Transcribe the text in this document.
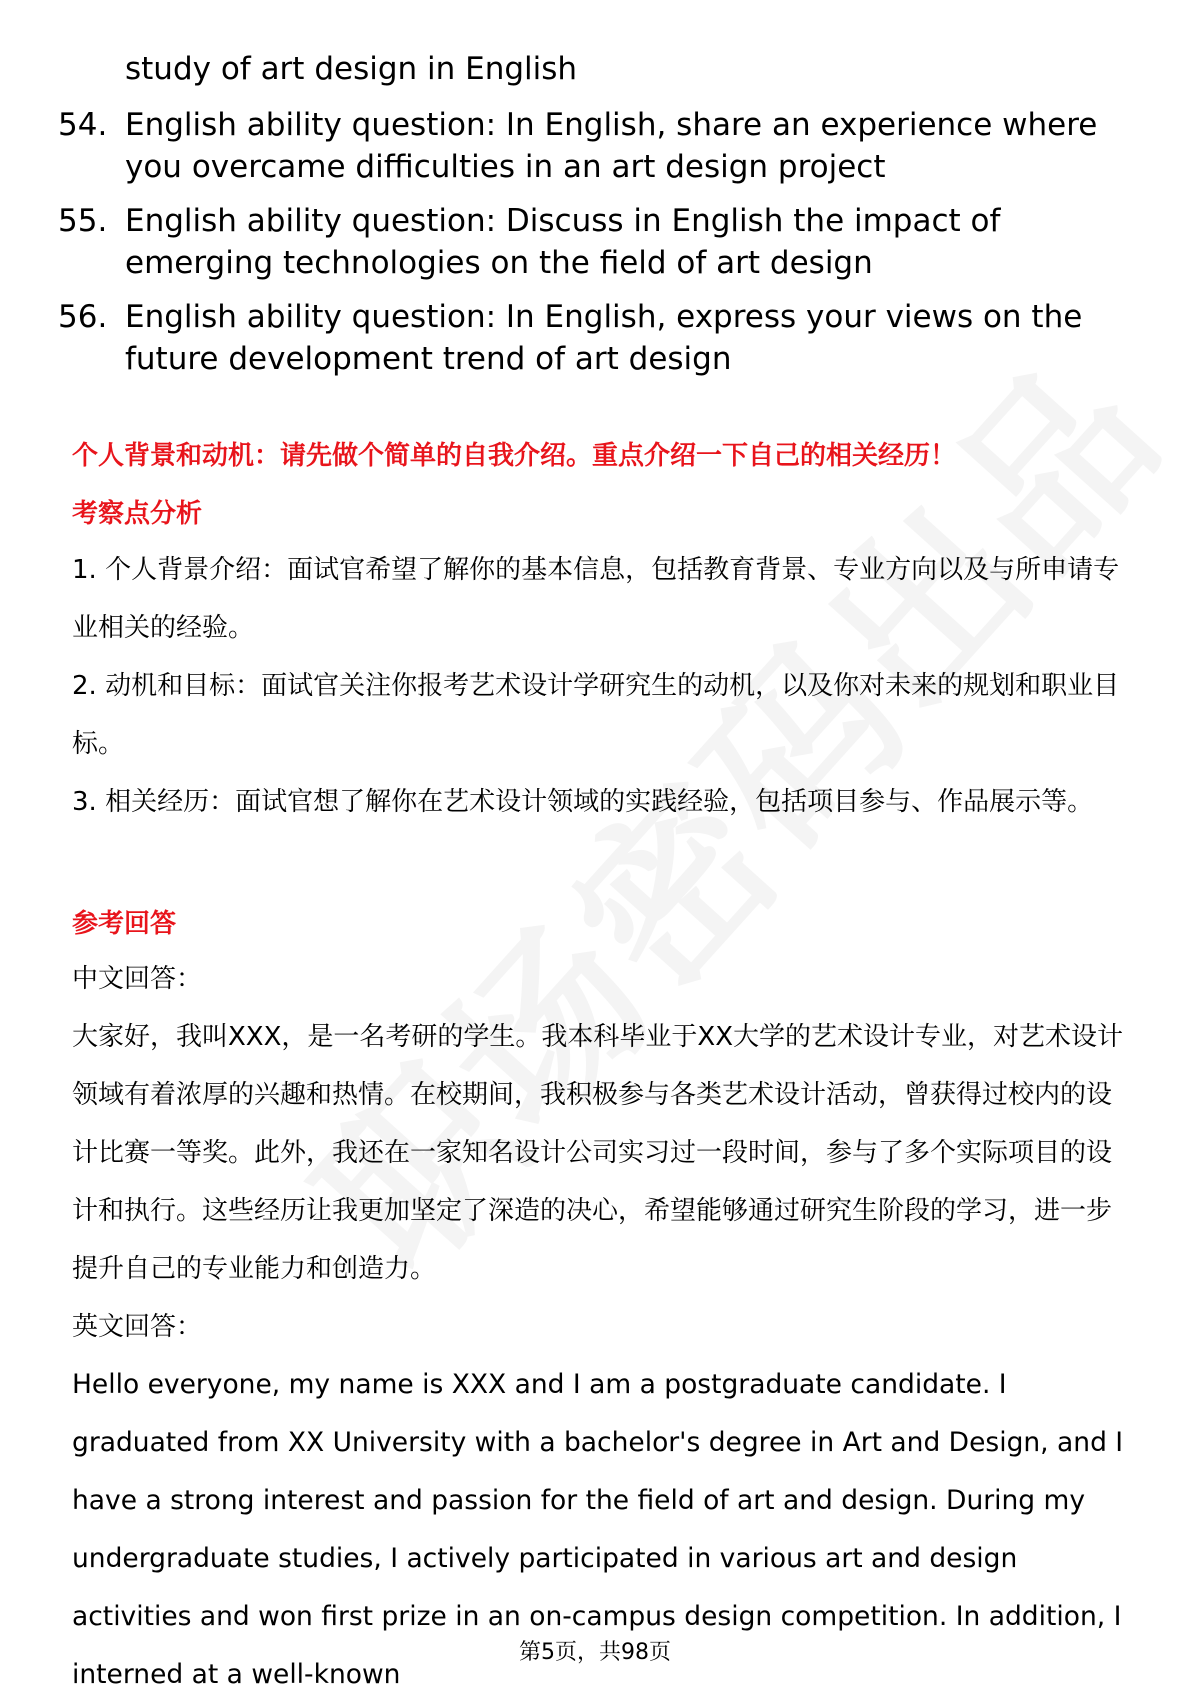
study of art design in English
54. English ability question: In English, share an experience where you overcame difficulties in an art design project
55. English ability question: Discuss in English the impact of emerging technologies on the field of art design
56. English ability question: In English, express your views on the future development trend of art design
个人背景和动机：请先做个简单的自我介绍。重点介绍一下自己的相关经历！
考察点分析
1. 个人背景介绍：面试官希望了解你的基本信息，包括教育背景、专业方向以及与所申请专业相关的经验。
2. 动机和目标：面试官关注你报考艺术设计学研究生的动机，以及你对未来的规划和职业目标。
3. 相关经历：面试官想了解你在艺术设计领域的实践经验，包括项目参与、作品展示等。
参考回答
中文回答：
大家好，我叫XXX，是一名考研的学生。我本科毕业于XX大学的艺术设计专业，对艺术设计领域有着浓厚的兴趣和热情。在校期间，我积极参与各类艺术设计活动，曾获得过校内的设计比赛一等奖。此外，我还在一家知名设计公司实习过一段时间，参与了多个实际项目的设计和执行。这些经历让我更加坚定了深造的决心，希望能够通过研究生阶段的学习，进一步提升自己的专业能力和创造力。
英文回答：
Hello everyone, my name is XXX and I am a postgraduate candidate. I graduated from XX University with a bachelor's degree in Art and Design, and I have a strong interest and passion for the field of art and design. During my undergraduate studies, I actively participated in various art and design activities and won first prize in an on-campus design competition. In addition, I interned at a well-known
第5页，共98页
